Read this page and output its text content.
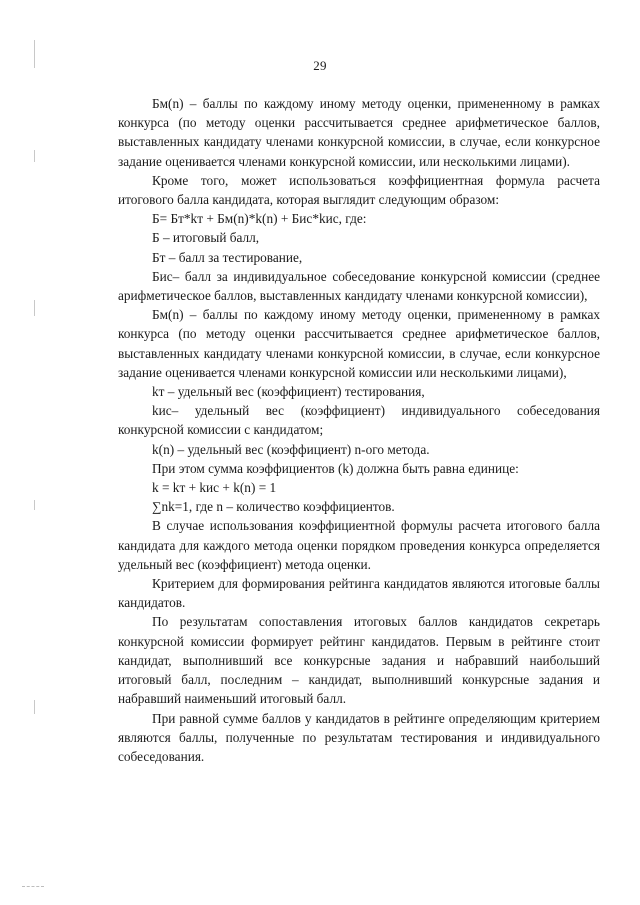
29

Бм(n) – баллы по каждому иному методу оценки, примененному в рамках конкурса (по методу оценки рассчитывается среднее арифметическое баллов, выставленных кандидату членами конкурсной комиссии, в случае, если конкурсное задание оценивается членами конкурсной комиссии, или несколькими лицами).

Кроме того, может использоваться коэффициентная формула расчета итогового балла кандидата, которая выглядит следующим образом:

Б= Бт*kт + Бм(n)*k(n) + Бис*kис, где:

Б – итоговый балл,

Бт – балл за тестирование,

Бис– балл за индивидуальное собеседование конкурсной комиссии (среднее арифметическое баллов, выставленных кандидату членами конкурсной комиссии),

Бм(n) – баллы по каждому иному методу оценки, примененному в рамках конкурса (по методу оценки рассчитывается среднее арифметическое баллов, выставленных кандидату членами конкурсной комиссии, в случае, если конкурсное задание оценивается членами конкурсной комиссии или несколькими лицами),

kт – удельный вес (коэффициент) тестирования,

kис– удельный вес (коэффициент) индивидуального собеседования конкурсной комиссии с кандидатом;

k(n) – удельный вес (коэффициент) n-ого метода.

При этом сумма коэффициентов (k) должна быть равна единице:

k = kт + kис + k(n) = 1

∑nk=1, где n – количество коэффициентов.

В случае использования коэффициентной формулы расчета итогового балла кандидата для каждого метода оценки порядком проведения конкурса определяется удельный вес (коэффициент) метода оценки.

Критерием для формирования рейтинга кандидатов являются итоговые баллы кандидатов.

По результатам сопоставления итоговых баллов кандидатов секретарь конкурсной комиссии формирует рейтинг кандидатов. Первым в рейтинге стоит кандидат, выполнивший все конкурсные задания и набравший наибольший итоговый балл, последним – кандидат, выполнивший конкурсные задания и набравший наименьший итоговый балл.

При равной сумме баллов у кандидатов в рейтинге определяющим критерием являются баллы, полученные по результатам тестирования и индивидуального собеседования.
